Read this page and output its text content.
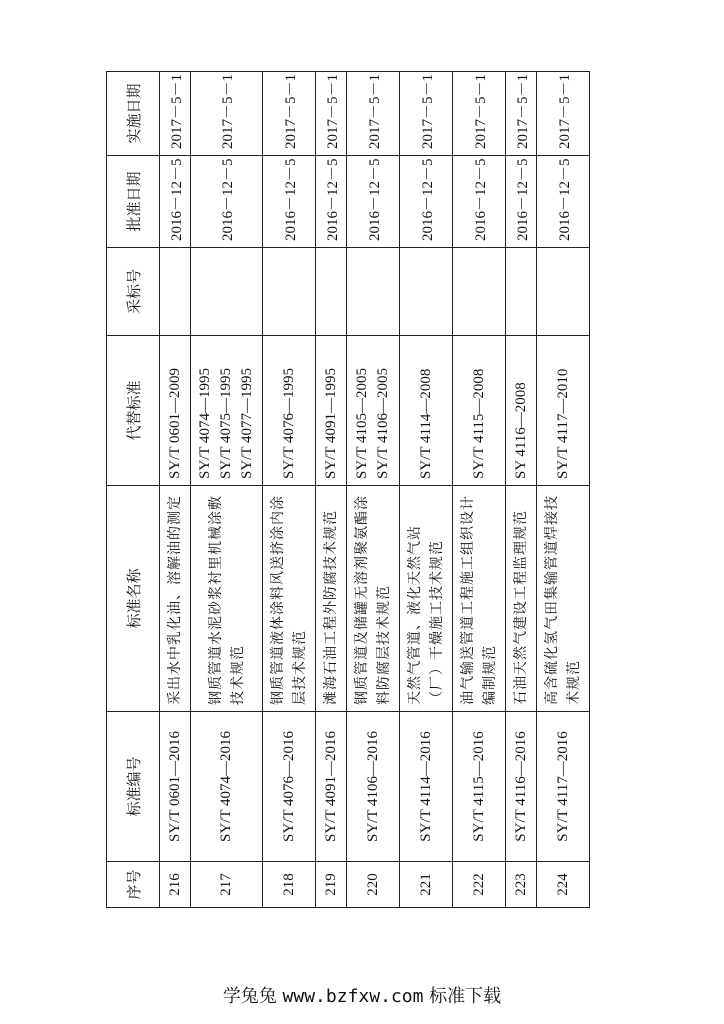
序号	标准编号	标准名称	代替标准	采标号	批准日期	实施日期
216	SY/T 0601—2016	采出水中乳化油、溶解油的测定	SY/T 0601—2009		2016－12－5	2017－5－1
217	SY/T 4074—2016	钢质管道水泥砂浆衬里机械涂敷技术规范	SY/T 4074—1995 SY/T 4075—1995 SY/T 4077—1995		2016－12－5	2017－5－1
218	SY/T 4076—2016	钢质管道液体涂料风送挤涂内涂层技术规范	SY/T 4076—1995		2016－12－5	2017－5－1
219	SY/T 4091—2016	滩海石油工程外防腐技术规范	SY/T 4091—1995		2016－12－5	2017－5－1
220	SY/T 4106—2016	钢质管道及储罐无溶剂聚氨酯涂料防腐层技术规范	SY/T 4105—2005 SY/T 4106—2005		2016－12－5	2017－5－1
221	SY/T 4114—2016	天然气管道、液化天然气站（厂）干燥施工技术规范	SY/T 4114—2008		2016－12－5	2017－5－1
222	SY/T 4115—2016	油气输送管道工程施工组织设计编制规范	SY/T 4115—2008		2016－12－5	2017－5－1
223	SY/T 4116—2016	石油天然气建设工程监理规范	SY 4116—2008		2016－12－5	2017－5－1
224	SY/T 4117—2016	高含硫化氢气田集输管道焊接技术规范	SY/T 4117—2010		2016－12－5	2017－5－1
学兔兔 www.bzfxw.com 标准下载
